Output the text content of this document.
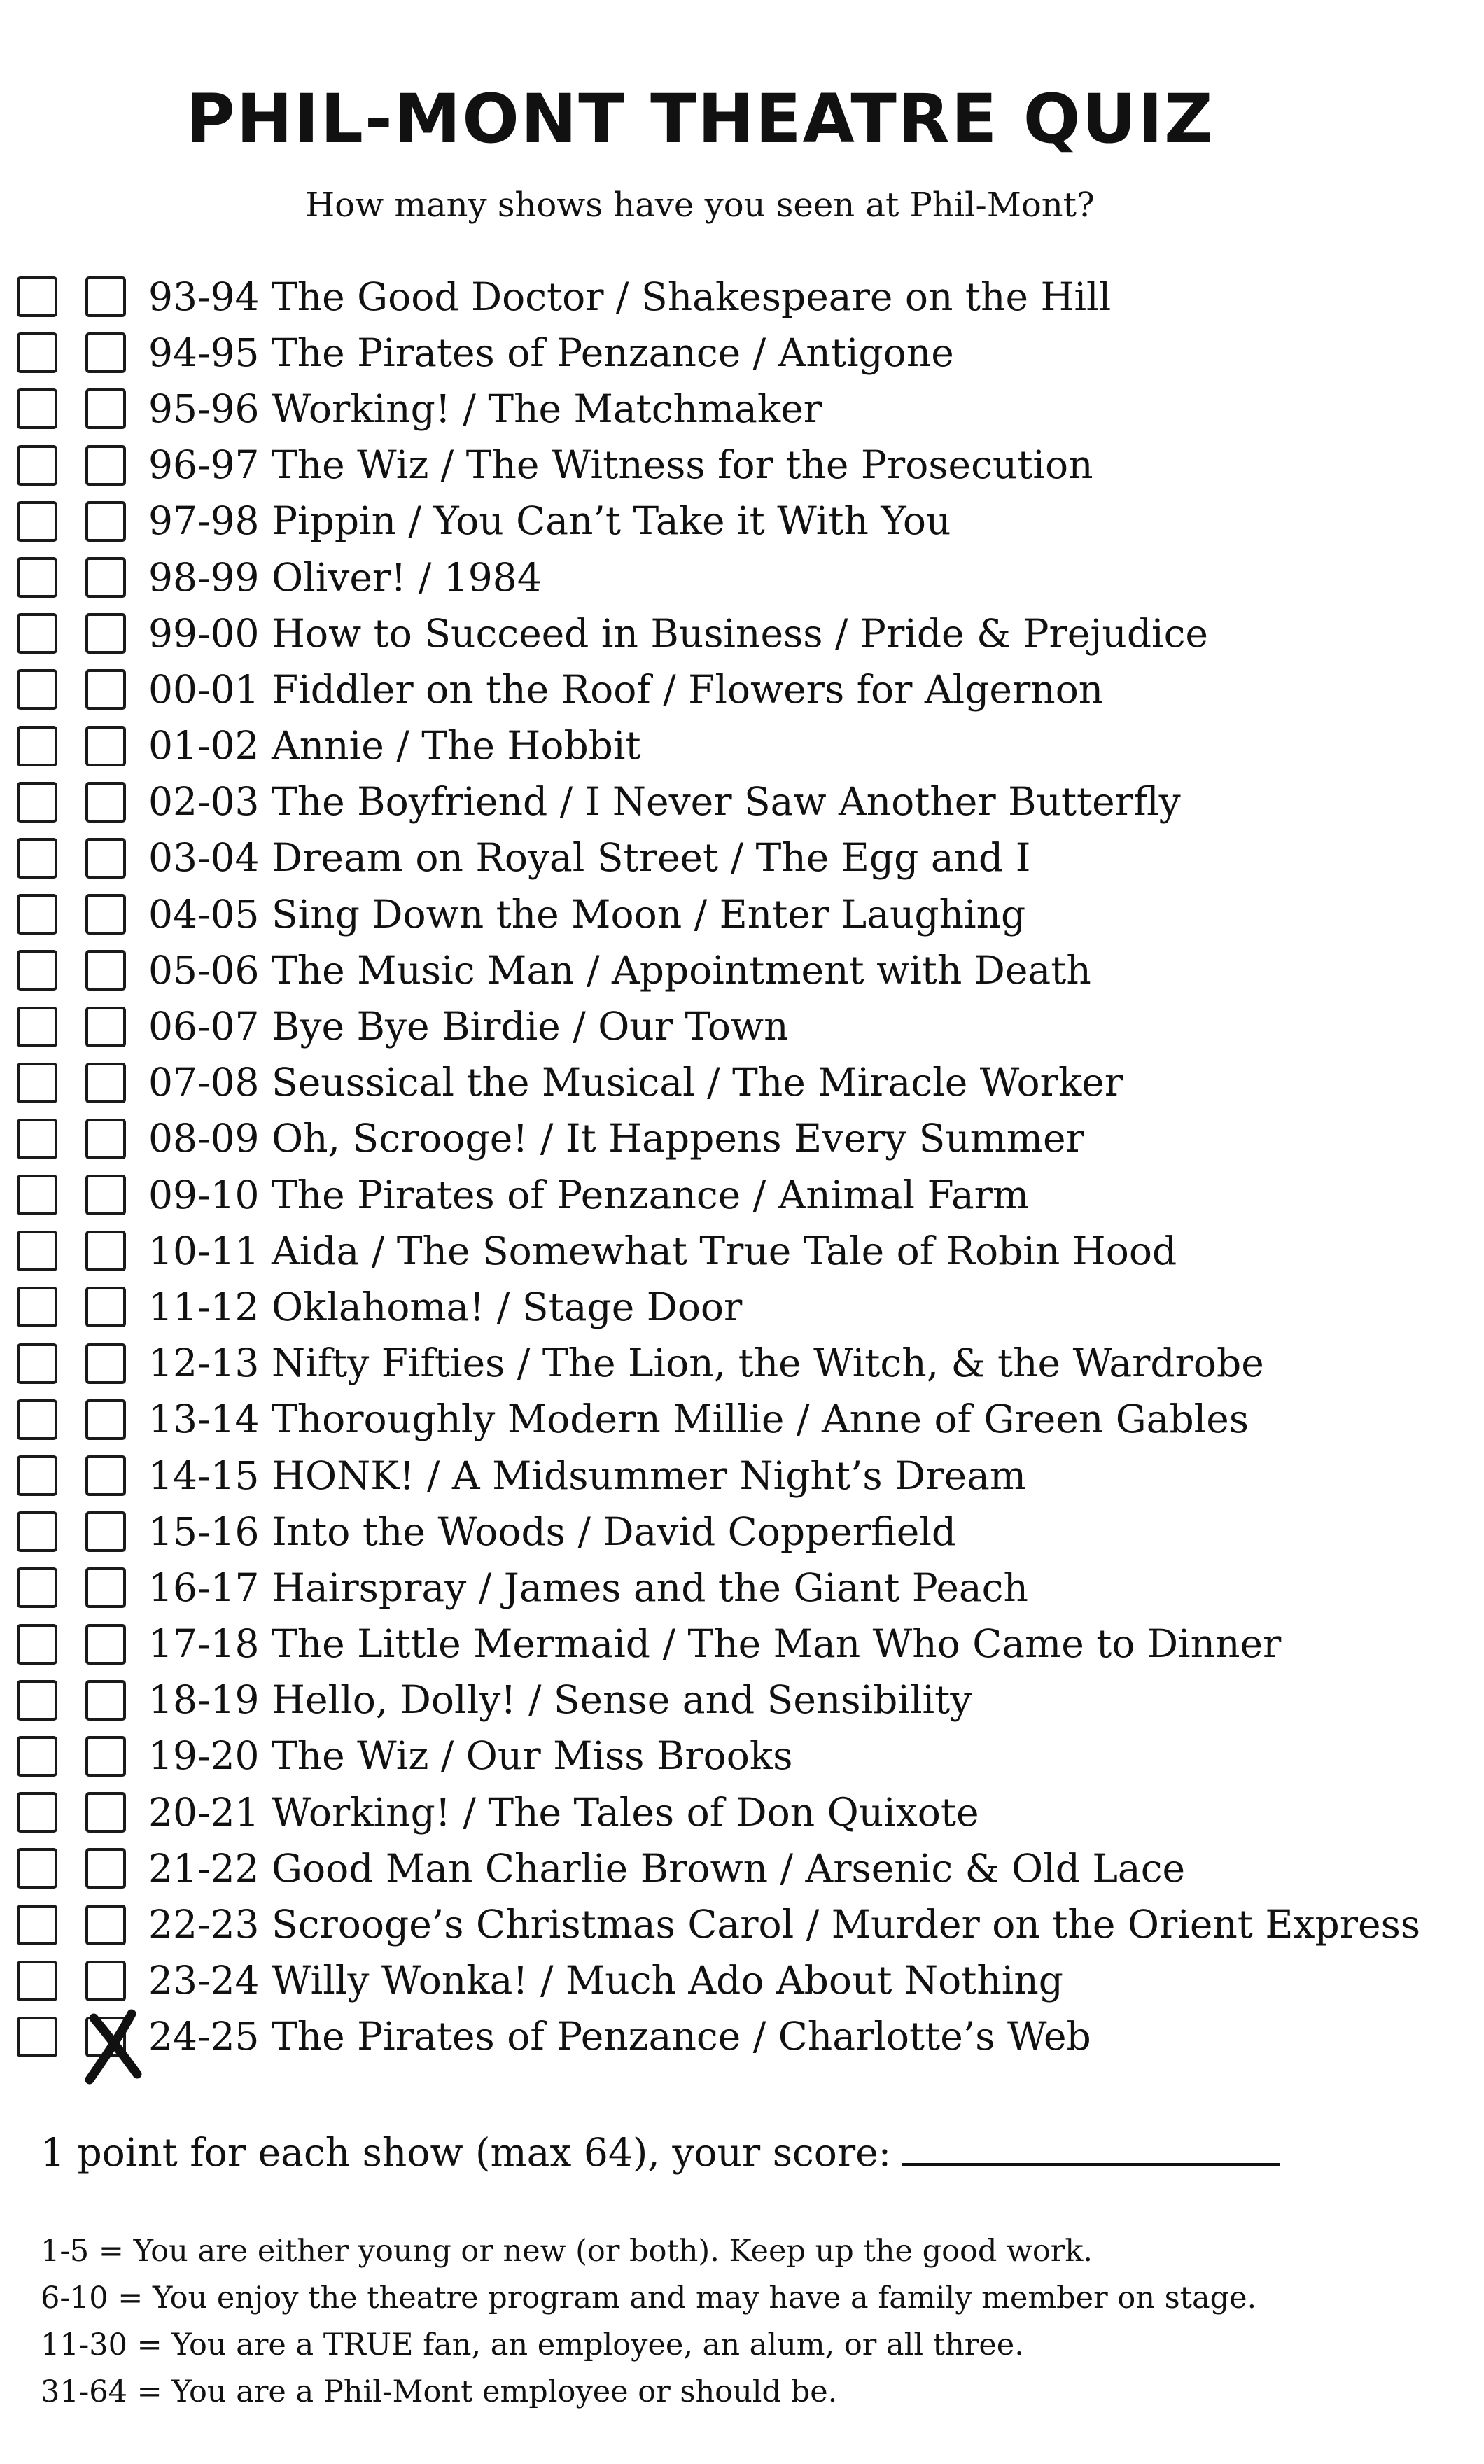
PHIL-MONT THEATRE QUIZ
How many shows have you seen at Phil-Mont?
93-94 The Good Doctor / Shakespeare on the Hill
94-95 The Pirates of Penzance / Antigone
95-96 Working! / The Matchmaker
96-97 The Wiz / The Witness for the Prosecution
97-98 Pippin / You Can’t Take it With You
98-99 Oliver! / 1984
99-00 How to Succeed in Business / Pride & Prejudice
00-01 Fiddler on the Roof / Flowers for Algernon
01-02 Annie / The Hobbit
02-03 The Boyfriend / I Never Saw Another Butterfly
03-04 Dream on Royal Street / The Egg and I
04-05 Sing Down the Moon / Enter Laughing
05-06 The Music Man / Appointment with Death
06-07 Bye Bye Birdie / Our Town
07-08 Seussical the Musical / The Miracle Worker
08-09 Oh, Scrooge! / It Happens Every Summer
09-10 The Pirates of Penzance / Animal Farm
10-11 Aida / The Somewhat True Tale of Robin Hood
11-12 Oklahoma! / Stage Door
12-13 Nifty Fifties / The Lion, the Witch, & the Wardrobe
13-14 Thoroughly Modern Millie / Anne of Green Gables
14-15 HONK! / A Midsummer Night’s Dream
15-16 Into the Woods / David Copperfield
16-17 Hairspray / James and the Giant Peach
17-18 The Little Mermaid / The Man Who Came to Dinner
18-19 Hello, Dolly! / Sense and Sensibility
19-20 The Wiz / Our Miss Brooks
20-21 Working! / The Tales of Don Quixote
21-22 Good Man Charlie Brown / Arsenic & Old Lace
22-23 Scrooge’s Christmas Carol / Murder on the Orient Express
23-24 Willy Wonka! / Much Ado About Nothing
24-25 The Pirates of Penzance / Charlotte’s Web
1 point for each show (max 64), your score:
1-5 = You are either young or new (or both). Keep up the good work.
6-10 = You enjoy the theatre program and may have a family member on stage.
11-30 = You are a TRUE fan, an employee, an alum, or all three.
31-64 = You are a Phil-Mont employee or should be.
